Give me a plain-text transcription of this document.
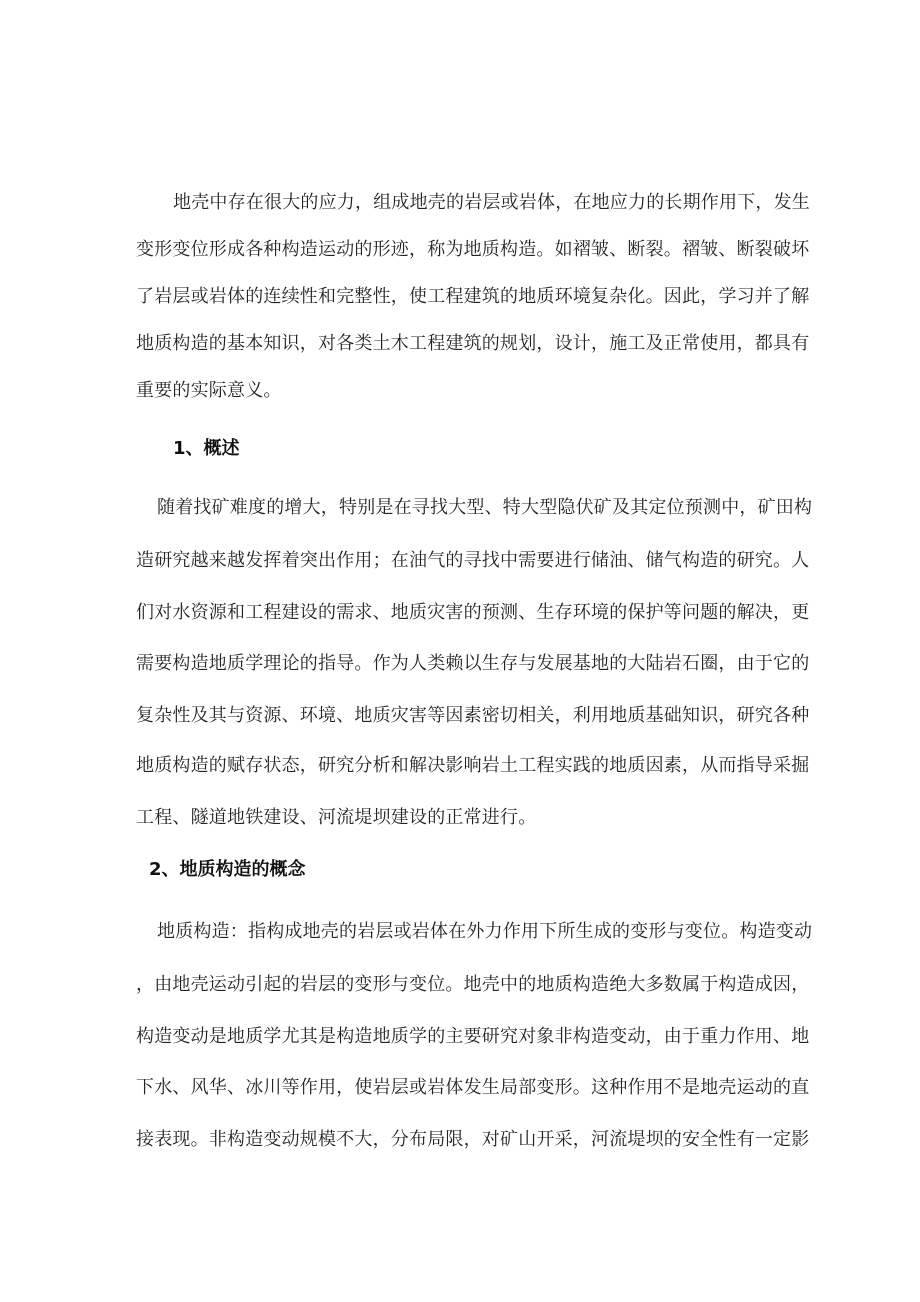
地壳中存在很大的应力，组成地壳的岩层或岩体，在地应力的长期作用下，发生
变形变位形成各种构造运动的形迹，称为地质构造。如褶皱、断裂。褶皱、断裂破坏
了岩层或岩体的连续性和完整性，使工程建筑的地质环境复杂化。因此，学习并了解
地质构造的基本知识，对各类土木工程建筑的规划，设计，施工及正常使用，都具有
重要的实际意义。
1、概述
随着找矿难度的增大，特别是在寻找大型、特大型隐伏矿及其定位预测中，矿田构
造研究越来越发挥着突出作用；在油气的寻找中需要进行储油、储气构造的研究。人
们对水资源和工程建设的需求、地质灾害的预测、生存环境的保护等问题的解决，更
需要构造地质学理论的指导。作为人类赖以生存与发展基地的大陆岩石圈，由于它的
复杂性及其与资源、环境、地质灾害等因素密切相关，利用地质基础知识，研究各种
地质构造的赋存状态，研究分析和解决影响岩土工程实践的地质因素，从而指导采掘
工程、隧道地铁建设、河流堤坝建设的正常进行。
2、地质构造的概念
地质构造：指构成地壳的岩层或岩体在外力作用下所生成的变形与变位。构造变动
，由地壳运动引起的岩层的变形与变位。地壳中的地质构造绝大多数属于构造成因，
构造变动是地质学尤其是构造地质学的主要研究对象非构造变动，由于重力作用、地
下水、风华、冰川等作用，使岩层或岩体发生局部变形。这种作用不是地壳运动的直
接表现。非构造变动规模不大，分布局限，对矿山开采，河流堤坝的安全性有一定影
